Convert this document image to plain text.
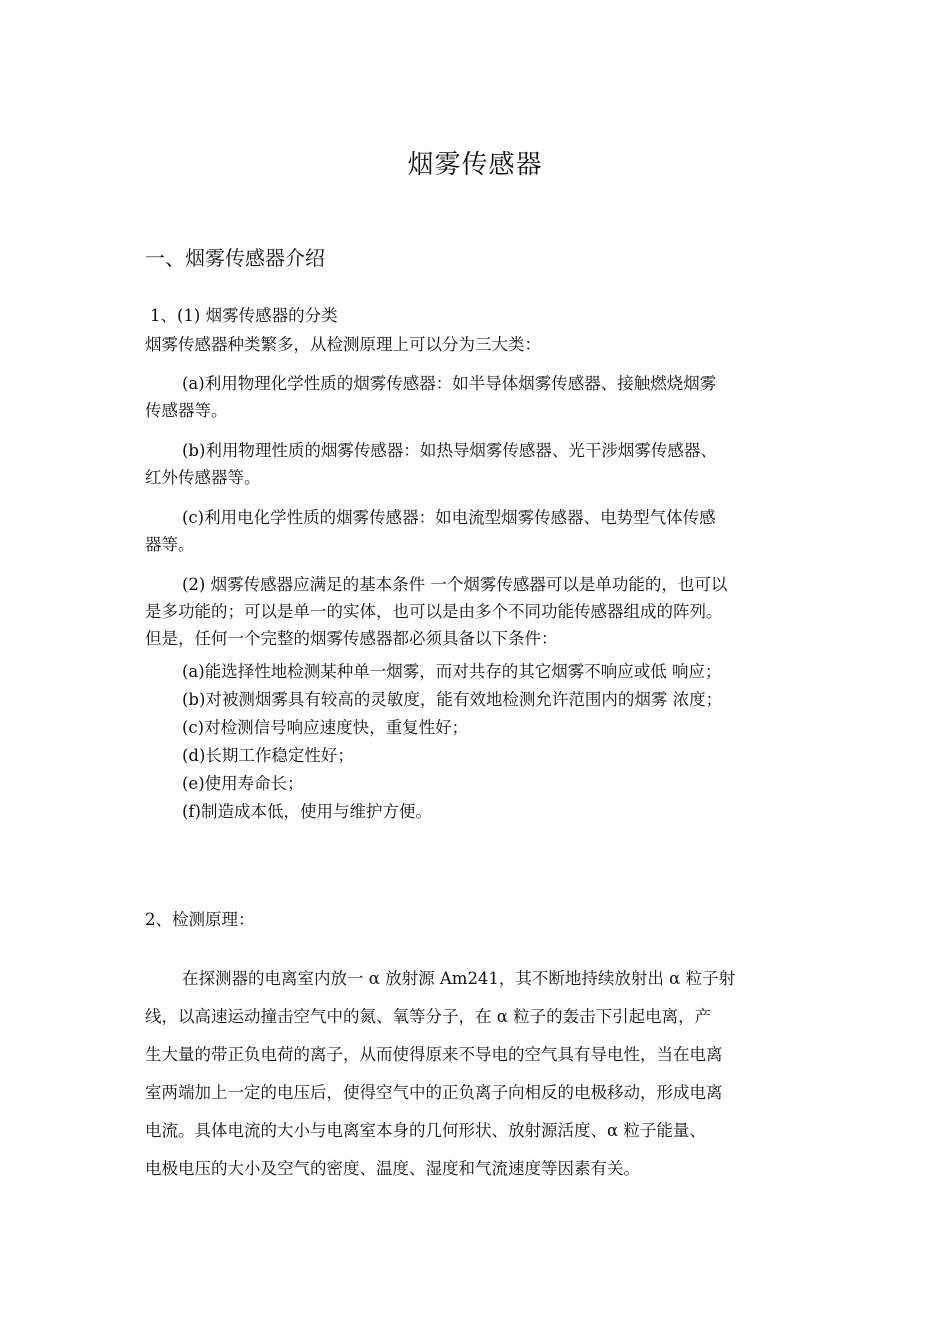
烟雾传感器
一、烟雾传感器介绍
1、(1) 烟雾传感器的分类
烟雾传感器种类繁多，从检测原理上可以分为三大类：
(a)利用物理化学性质的烟雾传感器：如半导体烟雾传感器、接触燃烧烟雾
传感器等。
(b)利用物理性质的烟雾传感器：如热导烟雾传感器、光干涉烟雾传感器、
红外传感器等。
(c)利用电化学性质的烟雾传感器：如电流型烟雾传感器、电势型气体传感
器等。
(2) 烟雾传感器应满足的基本条件 一个烟雾传感器可以是单功能的，也可以
是多功能的；可以是单一的实体，也可以是由多个不同功能传感器组成的阵列。
但是，任何一个完整的烟雾传感器都必须具备以下条件：
(a)能选择性地检测某种单一烟雾，而对共存的其它烟雾不响应或低 响应；
(b)对被测烟雾具有较高的灵敏度，能有效地检测允许范围内的烟雾 浓度；
(c)对检测信号响应速度快，重复性好；
(d)长期工作稳定性好；
(e)使用寿命长；
(f)制造成本低，使用与维护方便。
2、检测原理：
在探测器的电离室内放一 α 放射源 Am241，其不断地持续放射出 α 粒子射
线，以高速运动撞击空气中的氮、氧等分子，在 α 粒子的轰击下引起电离，产
生大量的带正负电荷的离子，从而使得原来不导电的空气具有导电性，当在电离
室两端加上一定的电压后，使得空气中的正负离子向相反的电极移动，形成电离
电流。具体电流的大小与电离室本身的几何形状、放射源活度、α 粒子能量、
电极电压的大小及空气的密度、温度、湿度和气流速度等因素有关。
